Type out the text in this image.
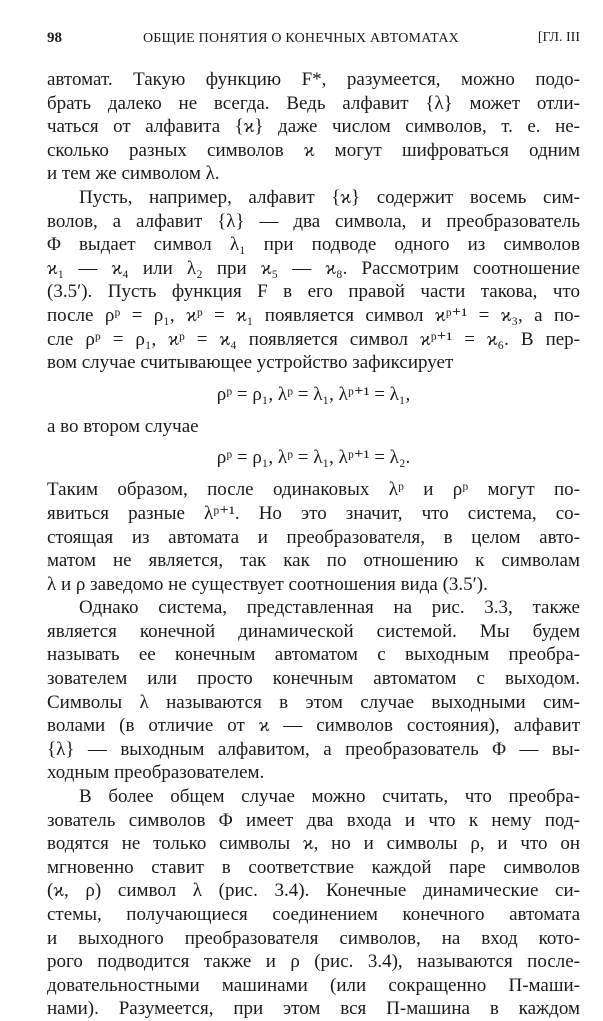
98	ОБЩИЕ ПОНЯТИЯ О КОНЕЧНЫХ АВТОМАТАХ	[ГЛ. III
автомат. Такую функцию F*, разумеется, можно подо-
брать далеко не всегда. Ведь алфавит {λ} может отли-
чаться от алфавита {ϰ} даже числом символов, т. е. не-
сколько разных символов ϰ могут шифроваться одним
и тем же символом λ.
Пусть, например, алфавит {ϰ} содержит восемь сим-
волов, а алфавит {λ} — два символа, и преобразователь
Φ выдает символ λ₁ при подводе одного из символов
ϰ₁ — ϰ₄ или λ₂ при ϰ₅ — ϰ₈. Рассмотрим соотношение
(3.5′). Пусть функция F в его правой части такова, что
после ρᵖ = ρ₁, ϰᵖ = ϰ₁ появляется символ ϰᵖ⁺¹ = ϰ₃, а по-
сле ρᵖ = ρ₁, ϰᵖ = ϰ₄ появляется символ ϰᵖ⁺¹ = ϰ₆. В пер-
вом случае считывающее устройство зафиксирует
ρᵖ = ρ₁, λᵖ = λ₁, λᵖ⁺¹ = λ₁,
а во втором случае
ρᵖ = ρ₁, λᵖ = λ₁, λᵖ⁺¹ = λ₂.
Таким образом, после одинаковых λᵖ и ρᵖ могут по-
явиться разные λᵖ⁺¹. Но это значит, что система, со-
стоящая из автомата и преобразователя, в целом авто-
матом не является, так как по отношению к символам
λ и ρ заведомо не существует соотношения вида (3.5′).
Однако система, представленная на рис. 3.3, также
является конечной динамической системой. Мы будем
называть ее конечным автоматом с выходным преобра-
зователем или просто конечным автоматом с выходом.
Символы λ называются в этом случае выходными сим-
волами (в отличие от ϰ — символов состояния), алфавит
{λ} — выходным алфавитом, а преобразователь Φ — вы-
ходным преобразователем.
В более общем случае можно считать, что преобра-
зователь символов Φ имеет два входа и что к нему под-
водятся не только символы ϰ, но и символы ρ, и что он
мгновенно ставит в соответствие каждой паре символов
(ϰ, ρ) символ λ (рис. 3.4). Конечные динамические си-
стемы, получающиеся соединением конечного автомата
и выходного преобразователя символов, на вход кото-
рого подводится также и ρ (рис. 3.4), называются после-
довательностными машинами (или сокращенно П-маши-
нами). Разумеется, при этом вся П-машина в каждом
